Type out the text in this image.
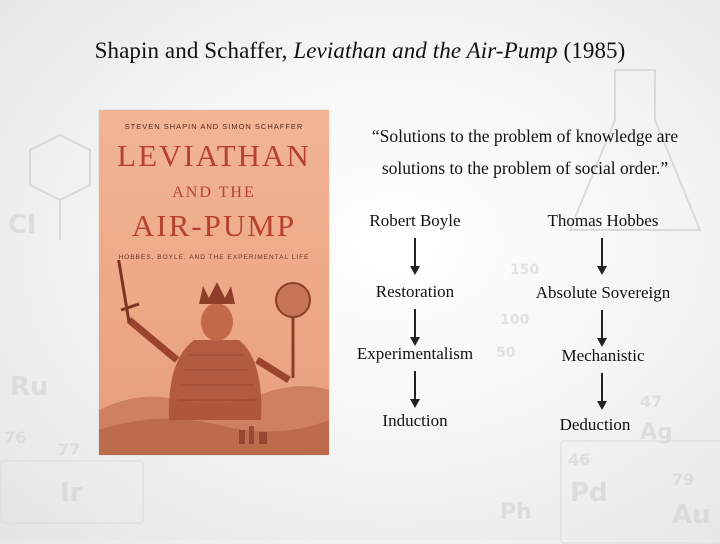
Cl
Ru
Ir	Pd
Au
Ag
Ph
76
77
46
79
47
100
50
150
Shapin and Schaffer, Leviathan and the Air-Pump (1985)
STEVEN SHAPIN AND SIMON SCHAFFER
LEVIATHAN
AND THE
AIR-PUMP
HOBBES, BOYLE, AND THE EXPERIMENTAL LIFE
“Solutions to the problem of knowledge are
solutions to the problem of social order.”
Robert Boyle
Restoration
Experimentalism
Induction
Thomas Hobbes
Absolute Sovereign
Mechanistic
Deduction
